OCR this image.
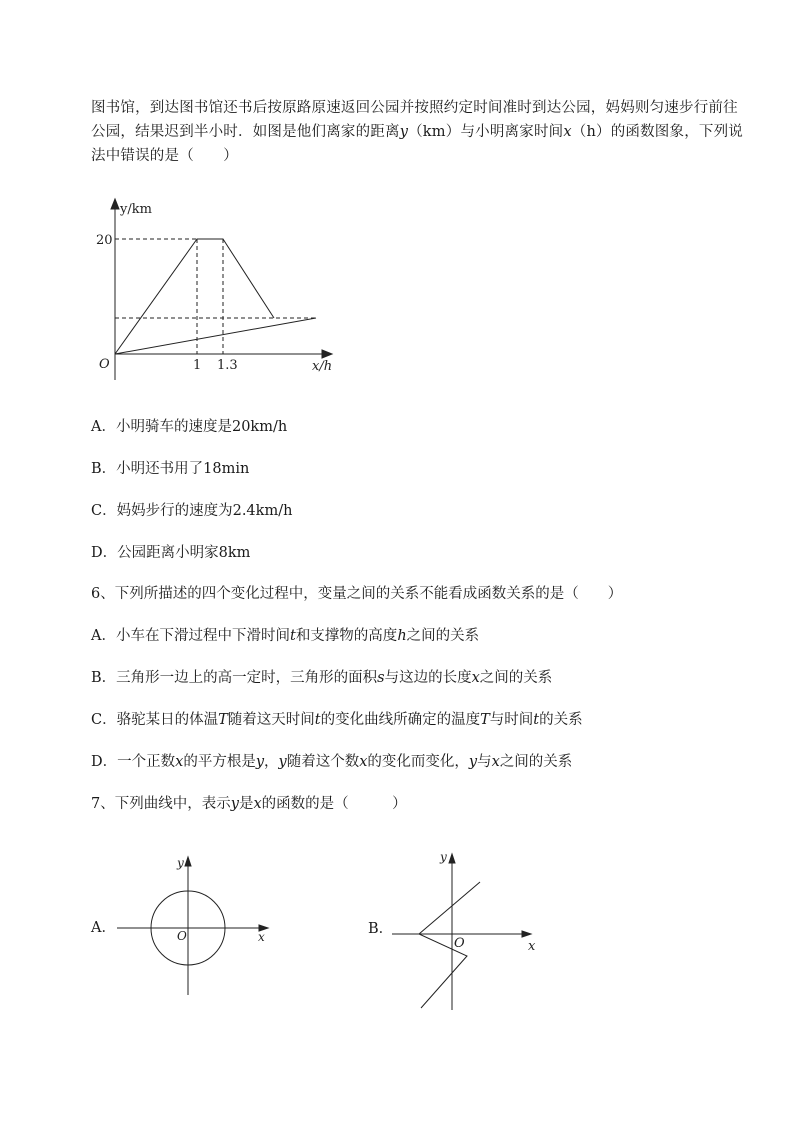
图书馆，到达图书馆还书后按原路原速返回公园并按照约定时间准时到达公园，妈妈则匀速步行前往
公园，结果迟到半小时．如图是他们离家的距离y（km）与小明离家时间x（h）的函数图象，下列说
法中错误的是（　　）
y/km
20
O	1 1.3	x/h
A．小明骑车的速度是20km/h
B．小明还书用了18min
C．妈妈步行的速度为2.4km/h
D．公园距离小明家8km
6、下列所描述的四个变化过程中，变量之间的关系不能看成函数关系的是（　　）
A．小车在下滑过程中下滑时间t和支撑物的高度h之间的关系
B．三角形一边上的高一定时，三角形的面积s与这边的长度x之间的关系
C．骆驼某日的体温T随着这天时间t的变化曲线所确定的温度T与时间t的关系
D．一个正数x的平方根是y，y随着这个数x的变化而变化，y与x之间的关系
7、下列曲线中，表示y是x的函数的是（　　　）
A．
y
x
O	B．
y
x
O
